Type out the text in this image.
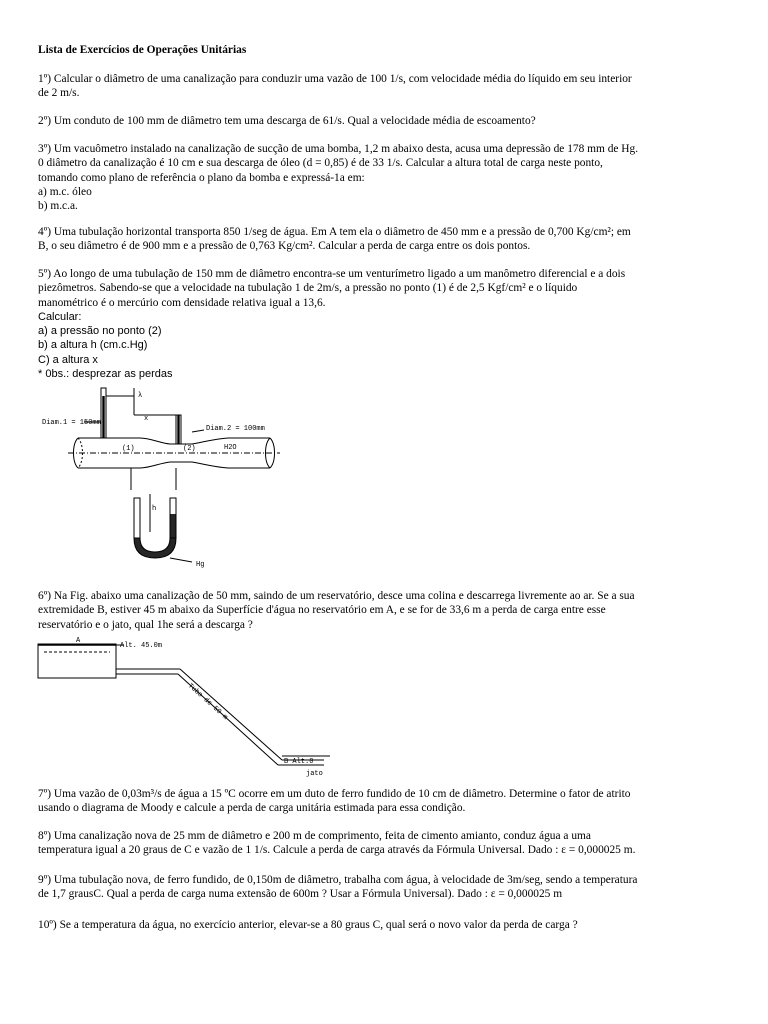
Lista de Exercícios de Operações Unitárias

1º) Calcular o diâmetro de uma canalização para conduzir uma vazão de 100 1/s, com velocidade média do líquido em seu interior
de 2 m/s.
2º) Um conduto de 100 mm de diâmetro tem uma descarga de 61/s. Qual a velocidade média de escoamento?
3º) Um vacuômetro instalado na canalização de sucção de uma bomba, 1,2 m abaixo desta, acusa uma depressão de 178 mm de Hg.
0 diâmetro da canalização é 10 cm e sua descarga de óleo (d = 0,85) é de 33 1/s. Calcular a altura total de carga neste ponto,
tomando como plano de referência o plano da bomba e expressá-1a em:
a) m.c. óleo
b) m.c.a.
4º) Uma tubulação horizontal transporta 850 1/seg de água. Em A tem ela o diâmetro de 450 mm e a pressão de 0,700 Kg/cm²; em
B, o seu diâmetro é de 900 mm e a pressão de 0,763 Kg/cm². Calcular a perda de carga entre os dois pontos.
5º) Ao longo de uma tubulação de 150 mm de diâmetro encontra-se um venturímetro ligado a um manômetro diferencial e a dois
piezômetros. Sabendo-se que a velocidade na tubulação 1 de 2m/s, a pressão no ponto (1) é de 2,5 Kgf/cm² e o líquido
manométrico é o mercúrio com densidade relativa igual a 13,6.
Calcular:
a) a pressão no ponto (2)
b) a altura h (cm.c.Hg)
C) a altura x
* 0bs.: desprezar as perdas
Diam.1 = 150mm
Diam.2 = 100mm
(1)	(2)	H2O
x
λ
h
Hg
6º) Na Fig. abaixo uma canalização de 50 mm, saindo de um reservatório, desce uma colina e descarrega livremente ao ar. Se a sua
extremidade B, estiver 45 m abaixo da Superfície d'água no reservatório em A, e se for de 33,6 m a perda de carga entre esse
reservatório e o jato, qual 1he será a descarga ?
A
Alt. 45.0m
Tubo de 50 m
B Alt.0
jato
7º) Uma vazão de 0,03m³/s de água a 15 ºC ocorre em um duto de ferro fundido de 10 cm de diâmetro. Determine o fator de atrito
usando o diagrama de Moody e calcule a perda de carga unitária estimada para essa condição.
8º) Uma canalização nova de 25 mm de diâmetro e 200 m de comprimento, feita de cimento amianto, conduz água a uma
temperatura igual a 20 graus de C e vazão de 1 1/s. Calcule a perda de carga através da Fórmula Universal. Dado : ε = 0,000025 m.
9º) Uma tubulação nova, de ferro fundido, de 0,150m de diâmetro, trabalha com água, à velocidade de 3m/seg, sendo a temperatura
de 1,7 grausC. Qual a perda de carga numa extensão de 600m ? Usar a Fórmula Universal). Dado : ε = 0,000025 m
10º) Se a temperatura da água, no exercício anterior, elevar-se a 80 graus C, qual será o novo valor da perda de carga ?
